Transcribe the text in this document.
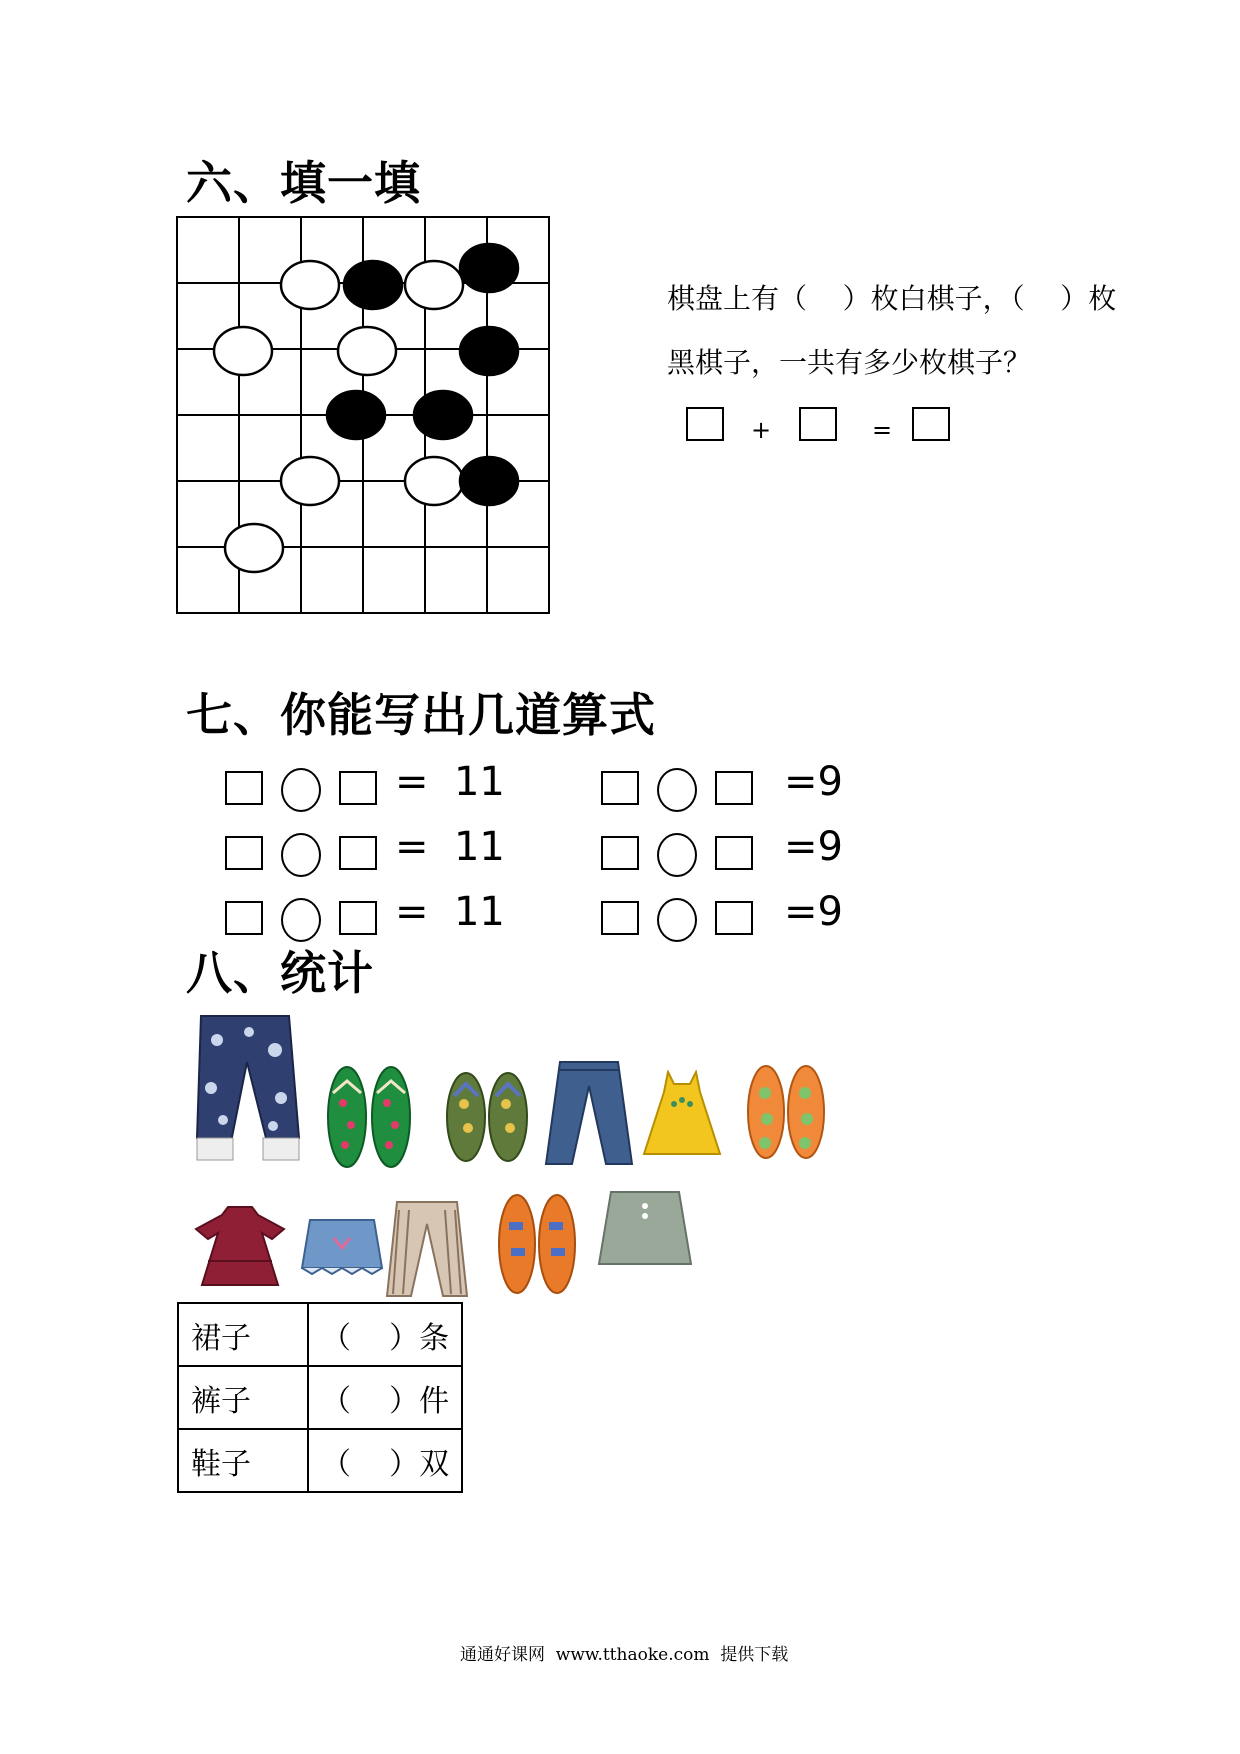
六、填一填
棋盘上有（    ）枚白棋子，（    ）枚
黑棋子，一共有多少枚棋子？
+	=
七、你能写出几道算式
=  11
=  11
=  11
=9
=9
=9
八、统计
裙子	（    ）条
裤子	（    ）件
鞋子	（    ）双
通通好课网  www.tthaoke.com  提供下载
